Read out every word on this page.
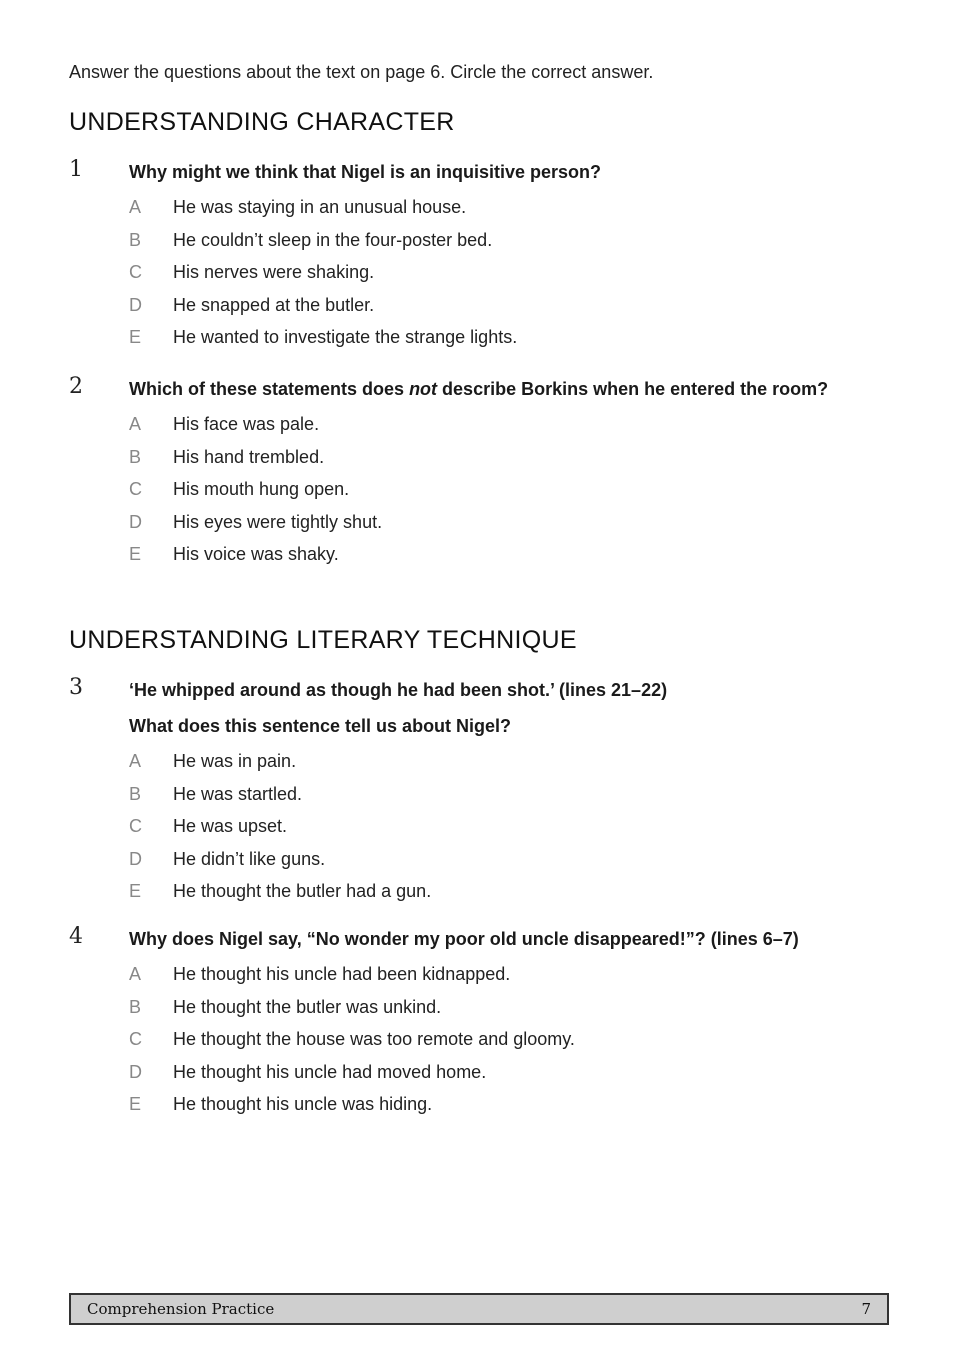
Answer the questions about the text on page 6. Circle the correct answer.
UNDERSTANDING CHARACTER
1	Why might we think that Nigel is an inquisitive person?
A	He was staying in an unusual house.
B	He couldn’t sleep in the four-poster bed.
C	His nerves were shaking.
D	He snapped at the butler.
E	He wanted to investigate the strange lights.
2	Which of these statements does not describe Borkins when he entered the room?
A	His face was pale.
B	His hand trembled.
C	His mouth hung open.
D	His eyes were tightly shut.
E	His voice was shaky.
UNDERSTANDING LITERARY TECHNIQUE
3	‘He whipped around as though he had been shot.’ (lines 21–22)
What does this sentence tell us about Nigel?
A	He was in pain.
B	He was startled.
C	He was upset.
D	He didn’t like guns.
E	He thought the butler had a gun.
4	Why does Nigel say, “No wonder my poor old uncle disappeared!”? (lines 6–7)
A	He thought his uncle had been kidnapped.
B	He thought the butler was unkind.
C	He thought the house was too remote and gloomy.
D	He thought his uncle had moved home.
E	He thought his uncle was hiding.
Comprehension Practice	7
